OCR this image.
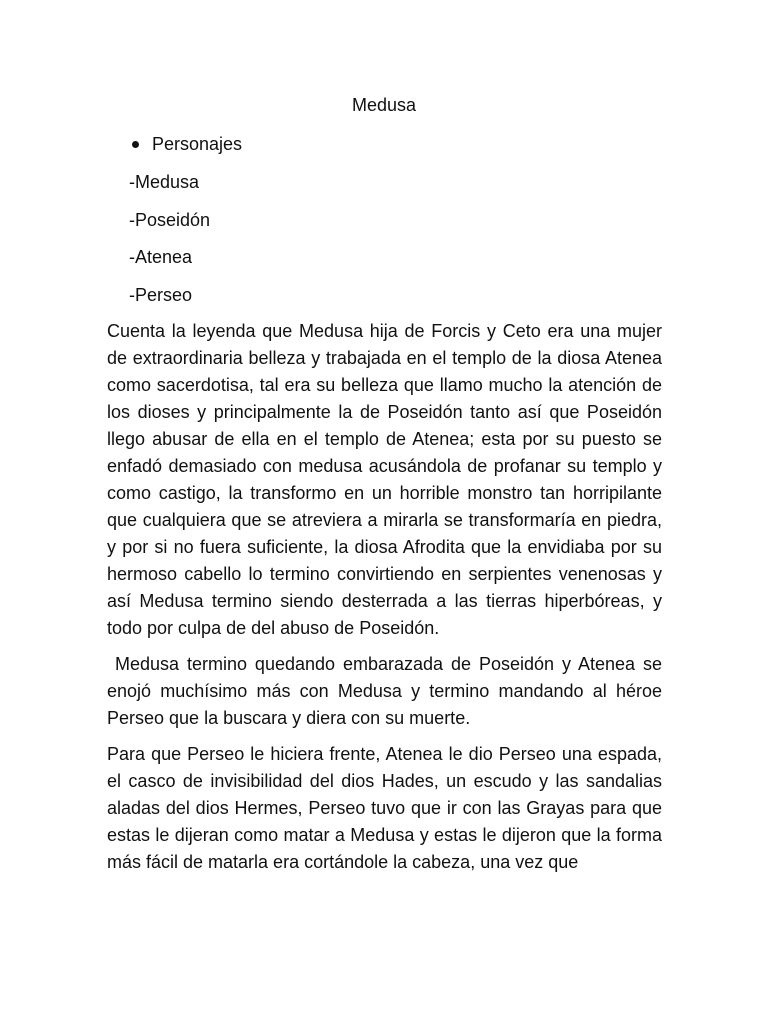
Medusa
Personajes
-Medusa
-Poseidón
-Atenea
-Perseo

Cuenta la leyenda que Medusa hija de Forcis y Ceto era una mujer de extraordinaria belleza y trabajada en el templo de la diosa Atenea como sacerdotisa, tal era su belleza que llamo mucho la atención de los dioses y principalmente la de Poseidón tanto así que Poseidón llego abusar de ella en el templo de Atenea; esta por su puesto se enfadó demasiado con medusa acusándola de profanar su templo y como castigo, la transformo en un horrible monstro tan horripilante que cualquiera que se atreviera a mirarla se transformaría en piedra, y por si no fuera suficiente, la diosa Afrodita que la envidiaba por su hermoso cabello lo termino convirtiendo en serpientes venenosas y así Medusa termino siendo desterrada a las tierras hiperbóreas, y todo por culpa de del abuso de Poseidón.

Medusa termino quedando embarazada de Poseidón y Atenea se enojó muchísimo más con Medusa y termino mandando al héroe Perseo que la buscara y diera con su muerte.

Para que Perseo le hiciera frente, Atenea le dio Perseo una espada, el casco de invisibilidad del dios Hades, un escudo y las sandalias aladas del dios Hermes, Perseo tuvo que ir con las Grayas para que estas le dijeran como matar a Medusa y estas le dijeron que la forma más fácil de matarla era cortándole la cabeza, una vez que
